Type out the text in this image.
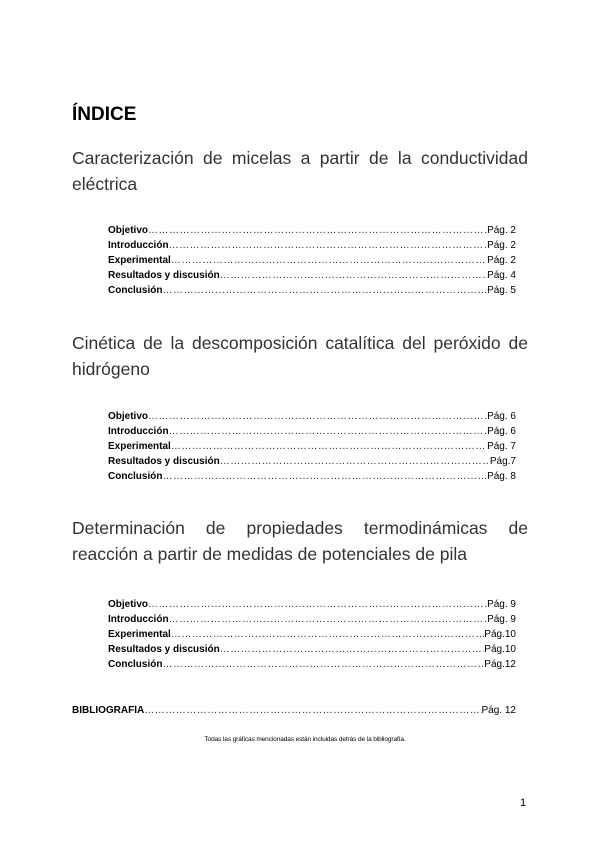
ÍNDICE
Caracterización de micelas a partir de la conductividad eléctrica
Objetivo …………………………………………………………………………………………………………………………………………	Pág. 2
Introducción …………………………………………………………………………………………………………………………………………	Pág. 2
Experimental …………………………………………………………………………………………………………………………………………	Pág. 2
Resultados y discusión …………………………………………………………………………………………………………………………………………	Pág. 4
Conclusión …………………………………………………………………………………………………………………………………………	Pág. 5
Cinética de la descomposición catalítica del peróxido de hidrógeno
Objetivo …………………………………………………………………………………………………………………………………………	Pág. 6
Introducción …………………………………………………………………………………………………………………………………………	Pág. 6
Experimental …………………………………………………………………………………………………………………………………………	Pág. 7
Resultados y discusión …………………………………………………………………………………………………………………………………………	Pág.7
Conclusión …………………………………………………………………………………………………………………………………………	Pág. 8
Determinación de propiedades termodinámicas de reacción a partir de medidas de potenciales de pila
Objetivo …………………………………………………………………………………………………………………………………………	Pág. 9
Introducción …………………………………………………………………………………………………………………………………………	Pág. 9
Experimental …………………………………………………………………………………………………………………………………………	Pág.10
Resultados y discusión …………………………………………………………………………………………………………………………………………	Pág.10
Conclusión …………………………………………………………………………………………………………………………………………	Pág.12
BIBLIOGRAFÍA …………………………………………………………………………………………………………………………………………	Pág. 12
Todas las gráficas mencionadas están incluidas detrás de la bibliografía.
1
